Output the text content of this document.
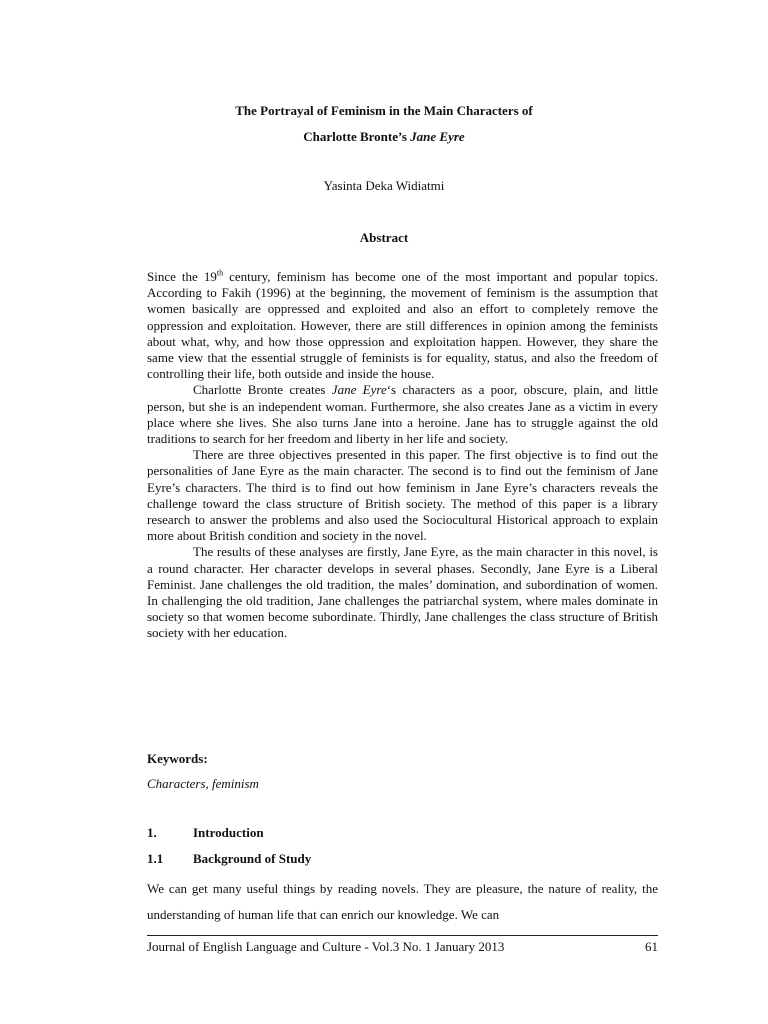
The Portrayal of Feminism in the Main Characters of
Charlotte Bronte’s Jane Eyre
Yasinta Deka Widiatmi
Abstract

Since the 19th century, feminism has become one of the most important and popular topics. According to Fakih (1996) at the beginning, the movement of feminism is the assumption that women basically are oppressed and exploited and also an effort to completely remove the oppression and exploitation. However, there are still differences in opinion among the feminists about what, why, and how those oppression and exploitation happen. However, they share the same view that the essential struggle of feminists is for equality, status, and also the freedom of controlling their life, both outside and inside the house.

Charlotte Bronte creates Jane Eyre‘s characters as a poor, obscure, plain, and little person, but she is an independent woman. Furthermore, she also creates Jane as a victim in every place where she lives. She also turns Jane into a heroine. Jane has to struggle against the old traditions to search for her freedom and liberty in her life and society.

There are three objectives presented in this paper. The first objective is to find out the personalities of Jane Eyre as the main character. The second is to find out the feminism of Jane Eyre’s characters. The third is to find out how feminism in Jane Eyre’s characters reveals the challenge toward the class structure of British society. The method of this paper is a library research to answer the problems and also used the Sociocultural Historical approach to explain more about British condition and society in the novel.

The results of these analyses are firstly, Jane Eyre, as the main character in this novel, is a round character. Her character develops in several phases. Secondly, Jane Eyre is a Liberal Feminist. Jane challenges the old tradition, the males’ domination, and subordination of women. In challenging the old tradition, Jane challenges the patriarchal system, where males dominate in society so that women become subordinate. Thirdly, Jane challenges the class structure of British society with her education.

Keywords:
Characters, feminism
1.	Introduction
1.1 Background of Study
We can get many useful things by reading novels. They are pleasure, the nature of reality, the understanding of human life that can enrich our knowledge. We can
Journal of English Language and Culture - Vol.3 No. 1 January 2013	61
